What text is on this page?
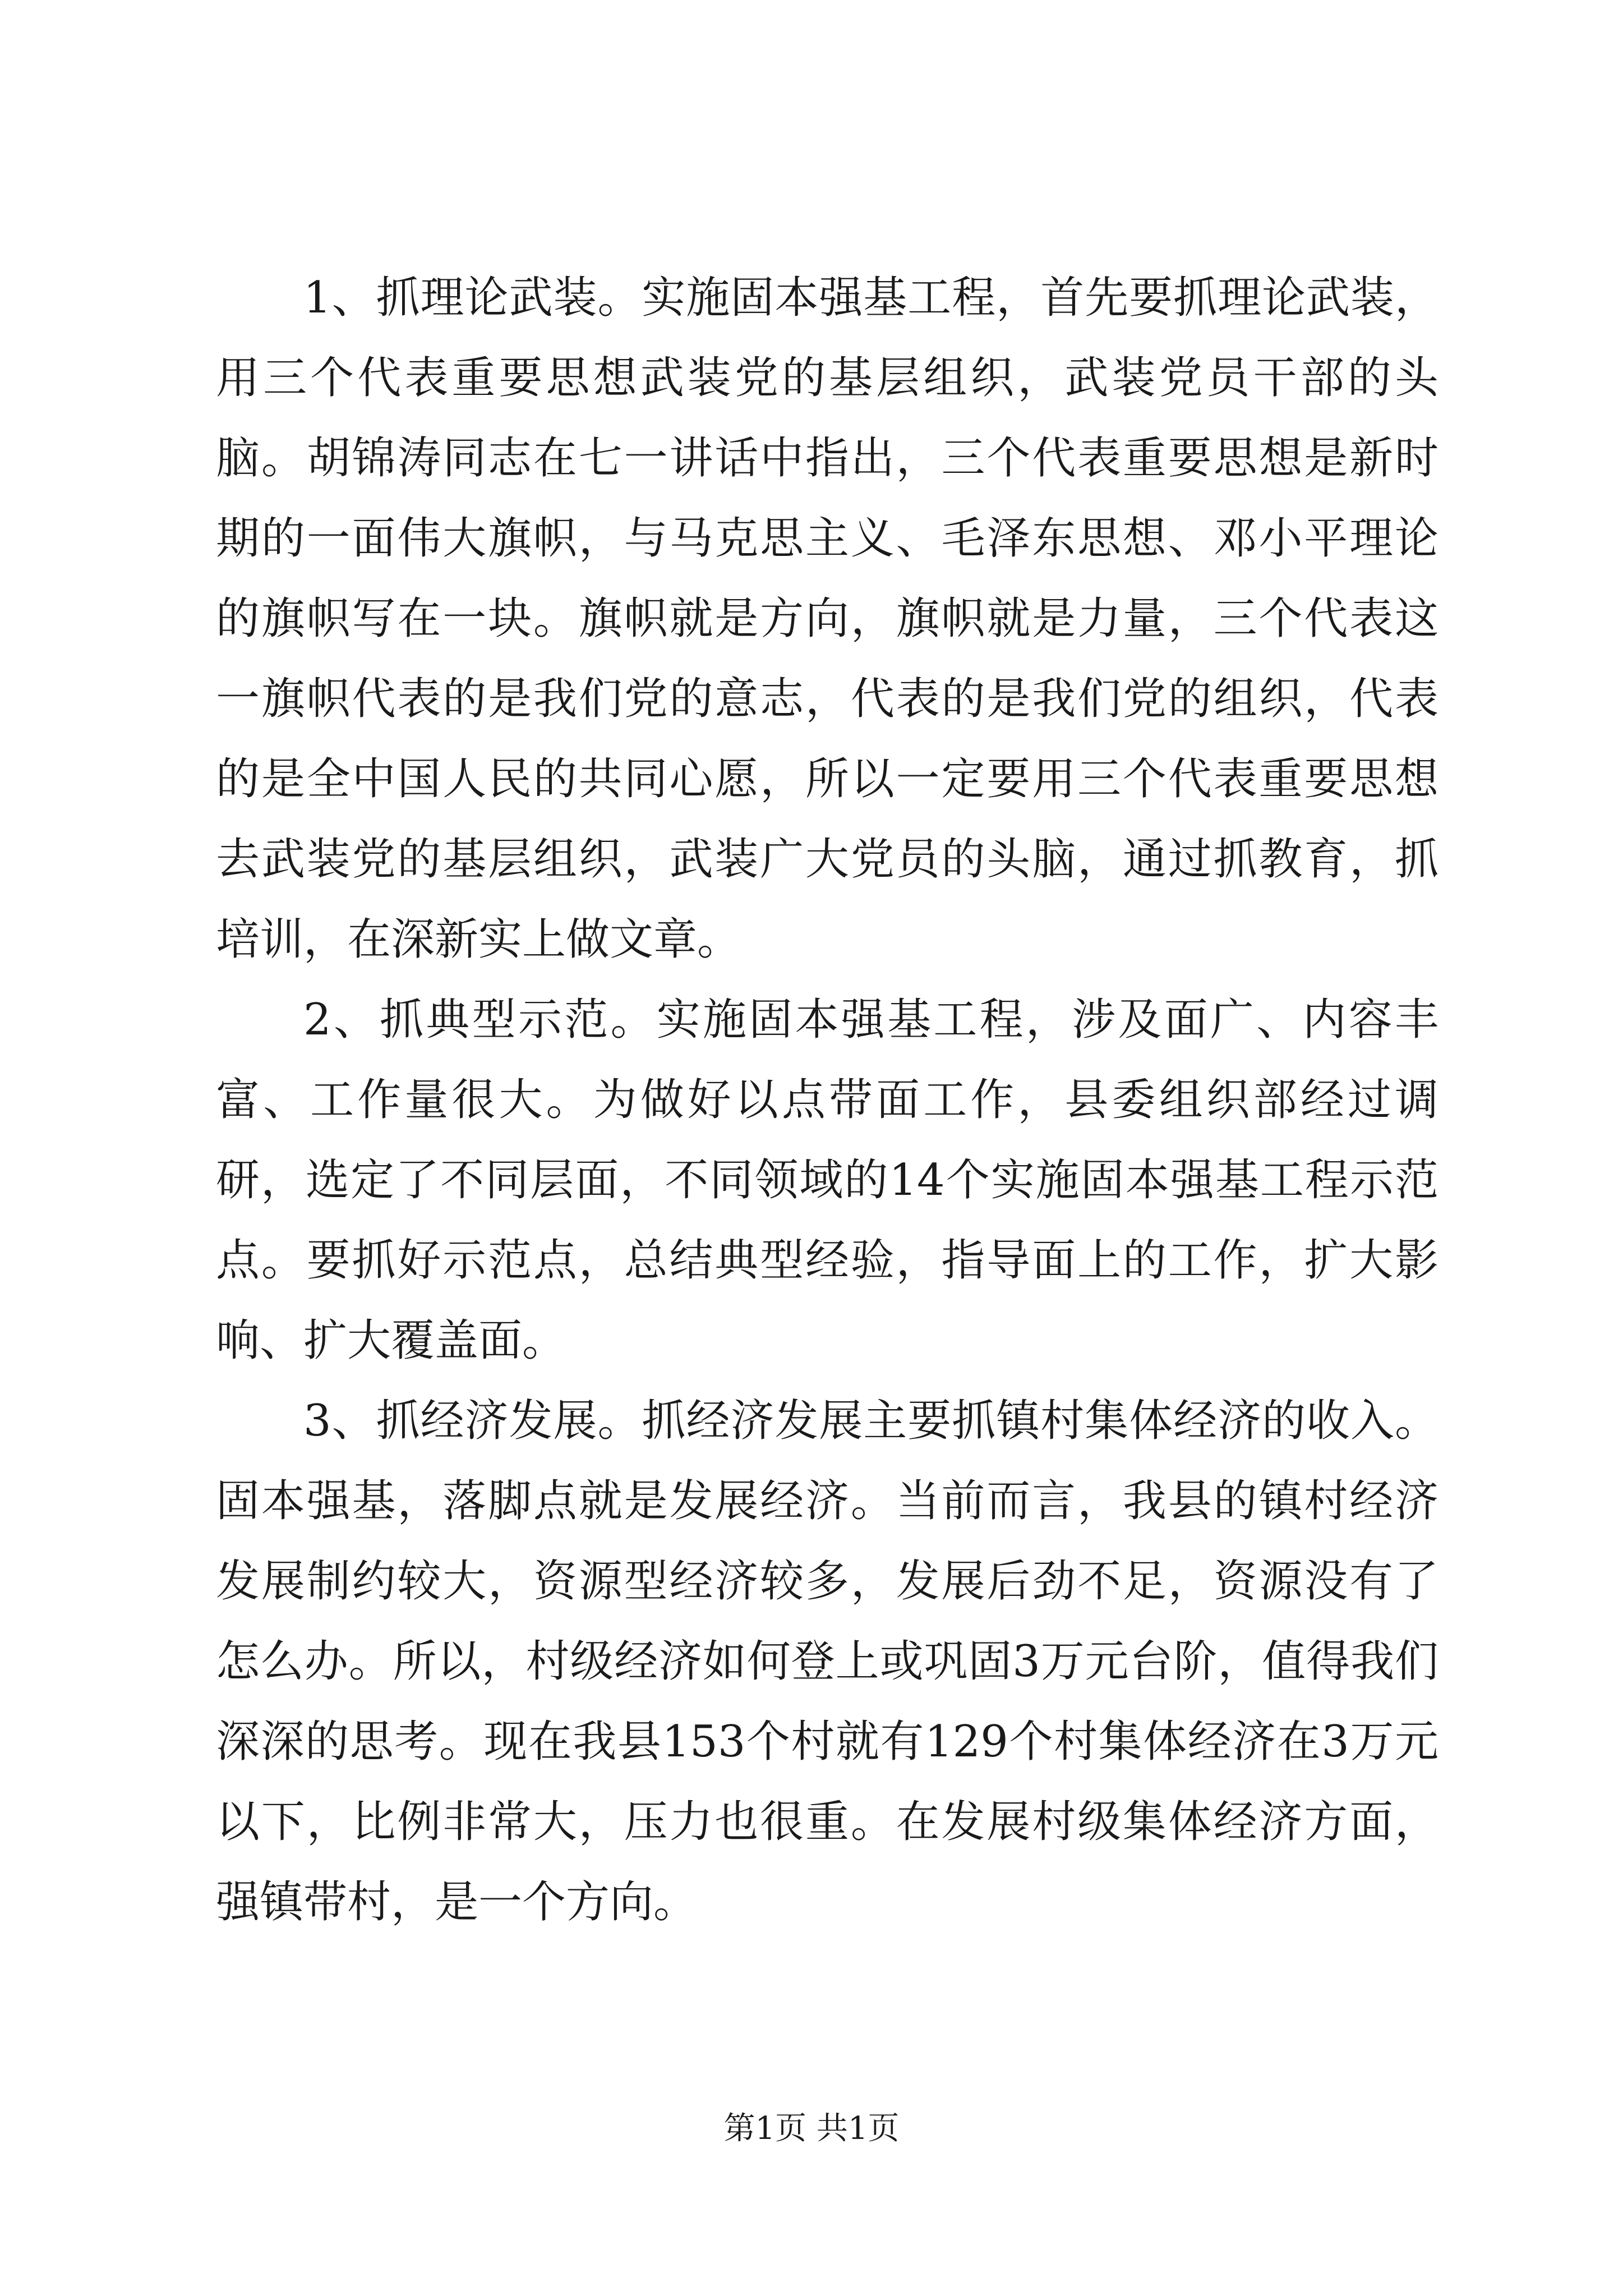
1、抓理论武装。实施固本强基工程，首先要抓理论武装，用三个代表重要思想武装党的基层组织，武装党员干部的头脑。胡锦涛同志在七一讲话中指出，三个代表重要思想是新时期的一面伟大旗帜，与马克思主义、毛泽东思想、邓小平理论的旗帜写在一块。旗帜就是方向，旗帜就是力量，三个代表这一旗帜代表的是我们党的意志，代表的是我们党的组织，代表的是全中国人民的共同心愿，所以一定要用三个代表重要思想去武装党的基层组织，武装广大党员的头脑，通过抓教育，抓培训，在深新实上做文章。

2、抓典型示范。实施固本强基工程，涉及面广、内容丰富、工作量很大。为做好以点带面工作，县委组织部经过调研，选定了不同层面，不同领域的14个实施固本强基工程示范点。要抓好示范点，总结典型经验，指导面上的工作，扩大影响、扩大覆盖面。

3、抓经济发展。抓经济发展主要抓镇村集体经济的收入。固本强基，落脚点就是发展经济。当前而言，我县的镇村经济发展制约较大，资源型经济较多，发展后劲不足，资源没有了怎么办。所以，村级经济如何登上或巩固3万元台阶，值得我们深深的思考。现在我县153个村就有129个村集体经济在3万元以下，比例非常大，压力也很重。在发展村级集体经济方面，强镇带村，是一个方向。

第1页 共1页
